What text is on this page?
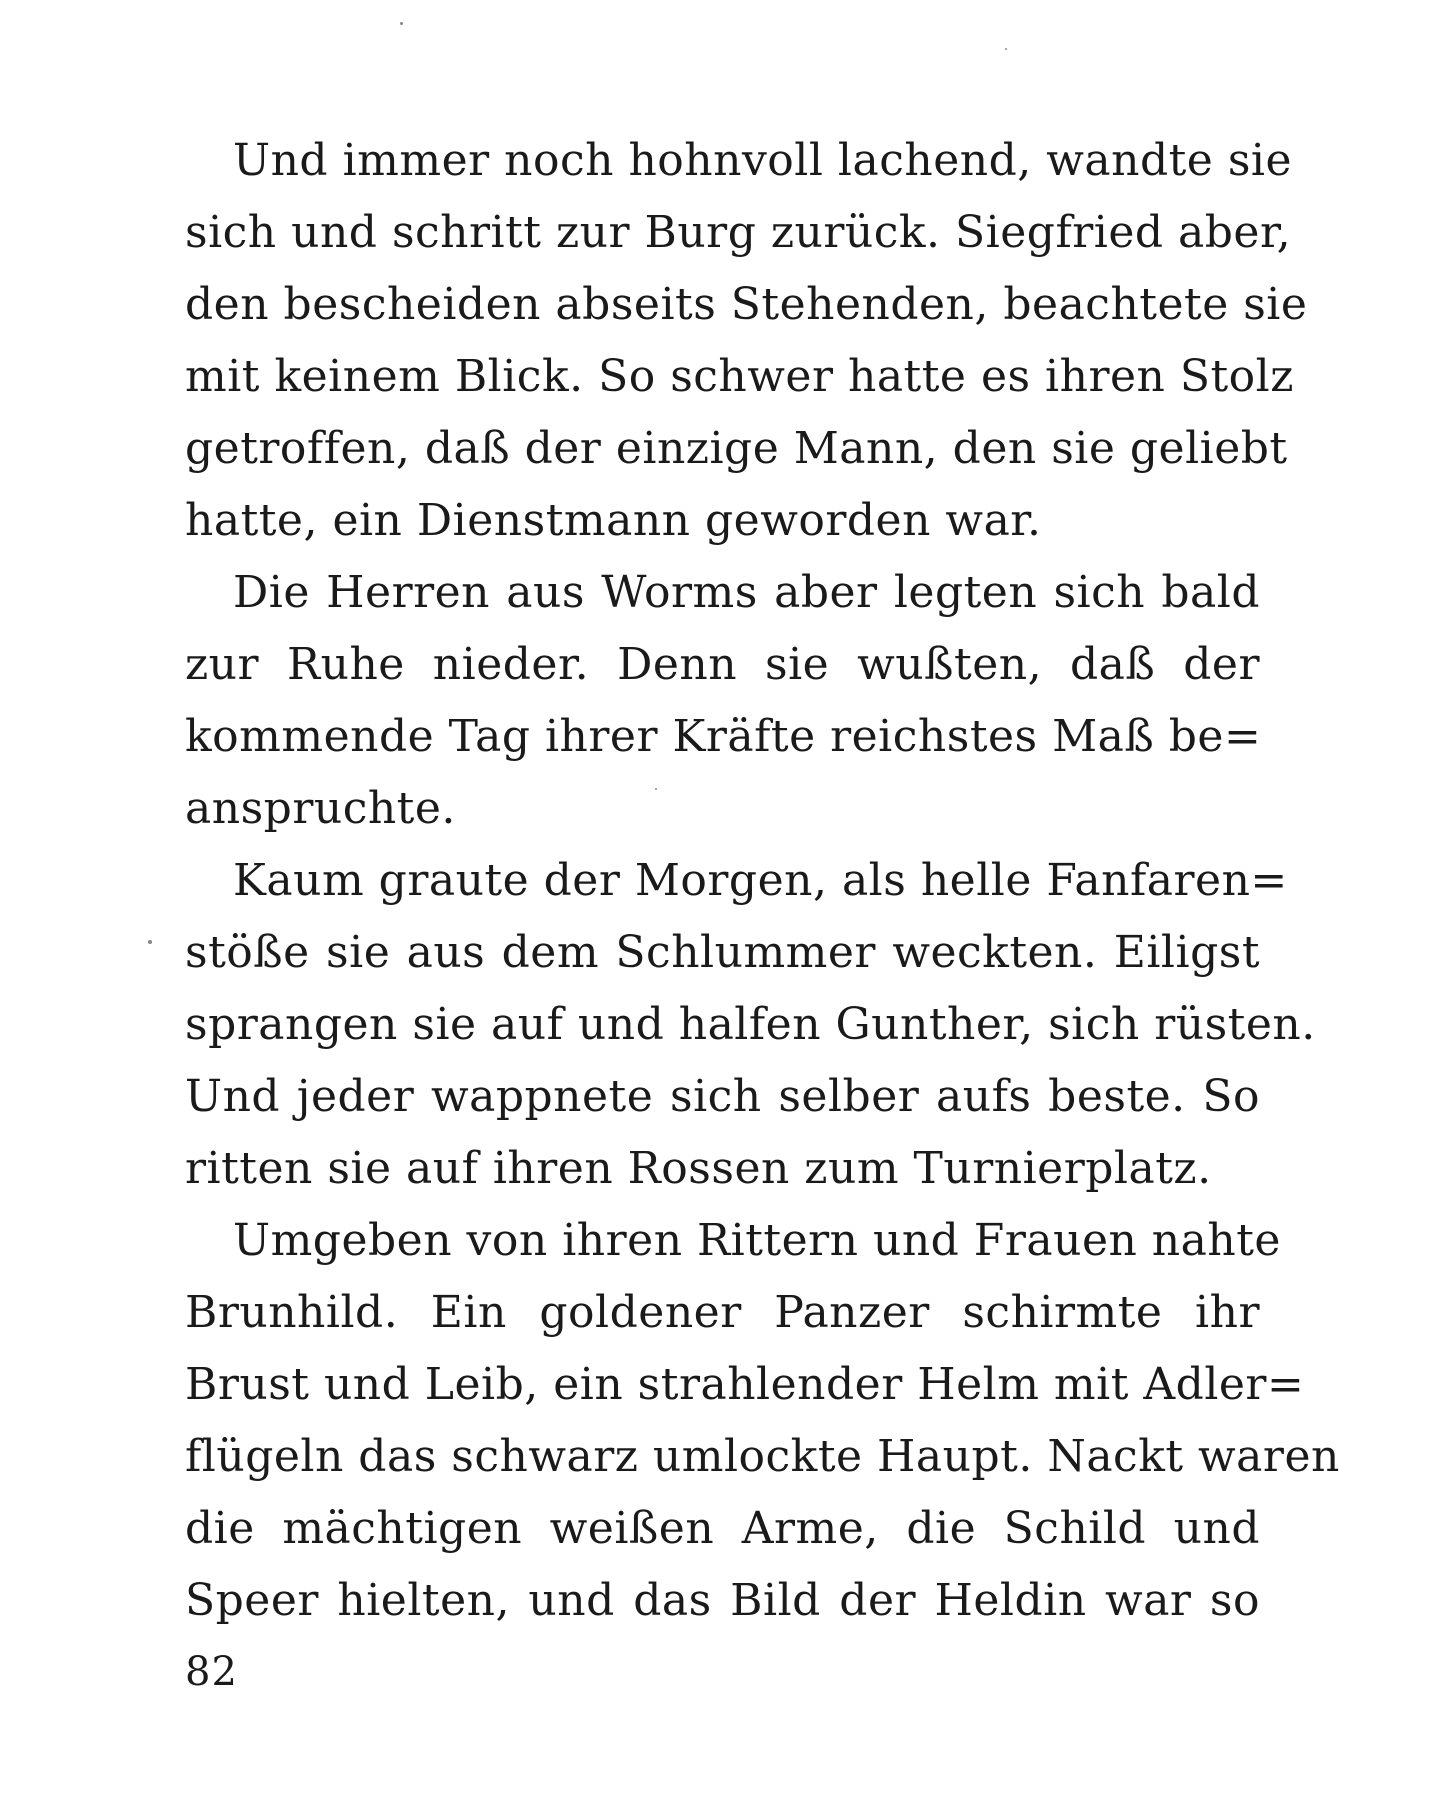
Und immer noch hohnvoll lachend, wandte sie
sich und schritt zur Burg zurück. Siegfried aber,
den bescheiden abseits Stehenden, beachtete sie
mit keinem Blick. So schwer hatte es ihren Stolz
getroffen, daß der einzige Mann, den sie geliebt
hatte, ein Dienstmann geworden war.
Die Herren aus Worms aber legten sich bald
zur Ruhe nieder. Denn sie wußten, daß der
kommende Tag ihrer Kräfte reichstes Maß be=
anspruchte.
Kaum graute der Morgen, als helle Fanfaren=
stöße sie aus dem Schlummer weckten. Eiligst
sprangen sie auf und halfen Gunther, sich rüsten.
Und jeder wappnete sich selber aufs beste. So
ritten sie auf ihren Rossen zum Turnierplatz.
Umgeben von ihren Rittern und Frauen nahte
Brunhild. Ein goldener Panzer schirmte ihr
Brust und Leib, ein strahlender Helm mit Adler=
flügeln das schwarz umlockte Haupt. Nackt waren
die mächtigen weißen Arme, die Schild und
Speer hielten, und das Bild der Heldin war so
82
